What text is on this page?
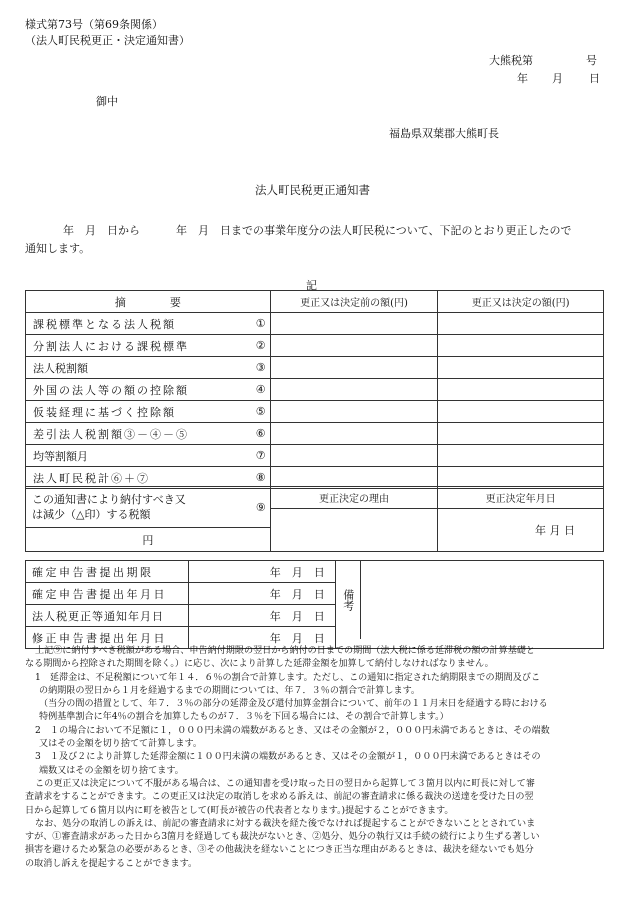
様式第73号（第69条関係）
（法人町民税更正・決定通知書）
大熊税第	号
年 月 日
御中
福島県双葉郡大熊町長
法人町民税更正通知書
年　月　日から	年　月　日までの事業年度分の法人町民税について、下記のとおり更正したので
通知します。
記
摘　　　　要	更正又は決定前の額(円)	更正又は決定の額(円)

課税標準となる法人税額 ①		

分割法人における課税標準 ②		

法人税割額 ③		

外国の法人等の額の控除額 ④		

仮装経理に基づく控除額 ⑤		

差引法人税割額③－④－⑤ ⑥		

均等割額月 ⑦		

法人町民税計⑥＋⑦ ⑧		

この通知書により納付すべき又
は減少（△印）する税額
⑨	更正決定の理由	更正決定年月日
		年 月 日
円		
確定申告書提出期限	年　月　日	備考

確定申告書提出年月日	年　月　日	

法人税更正等通知年月日	年　月　日	

修正申告書提出年月日	年　月　日	

上記⑨に納付すべき税額がある場合、申告納付期限の翌日から納付の日までの期間（法人税に係る延滞税の額の計算基礎と

なる期間から控除された期間を除く。）に応じ、次により計算した延滞金額を加算して納付しなければなりません。

1　延滞金は、不足税額について年１４．６％の割合で計算します。ただし、この通知に指定された納期限までの期間及びこ

の納期限の翌日から１月を経過するまでの期間については、年７．３％の割合で計算します。

（当分の間の措置として、年７．３％の部分の延滞金及び還付加算金割合について、前年の１１月末日を経過する時における

特例基準割合に年4％の割合を加算したものが７．３％を下回る場合には、その割合で計算します。）

2　１の場合において不足額に１，０００円未満の端数があるとき、又はその金額が２，０００円未満であるときは、その端数

又はその金額を切り捨てて計算します。

3　１及び２により計算した延滞金額に１００円未満の端数があるとき、又はその金額が１，０００円未満であるときはその

端数又はその金額を切り捨てます。

この更正又は決定について不服がある場合は、この通知書を受け取った日の翌日から起算して３箇月以内に町長に対して審

査請求をすることができます。この更正又は決定の取消しを求める訴えは、前記の審査請求に係る裁決の送達を受けた日の翌

日から起算して６箇月以内に町を被告として(町長が被告の代表者となります。)提起することができます。

なお、処分の取消しの訴えは、前記の審査請求に対する裁決を経た後でなければ提起することができないこととされていま

すが、①審査請求があった日から3箇月を経過しても裁決がないとき、②処分、処分の執行又は手続の続行により生ずる著しい

損害を避けるため緊急の必要があるとき、③その他裁決を経ないことにつき正当な理由があるときは、裁決を経ないでも処分

の取消し訴えを提起することができます。
